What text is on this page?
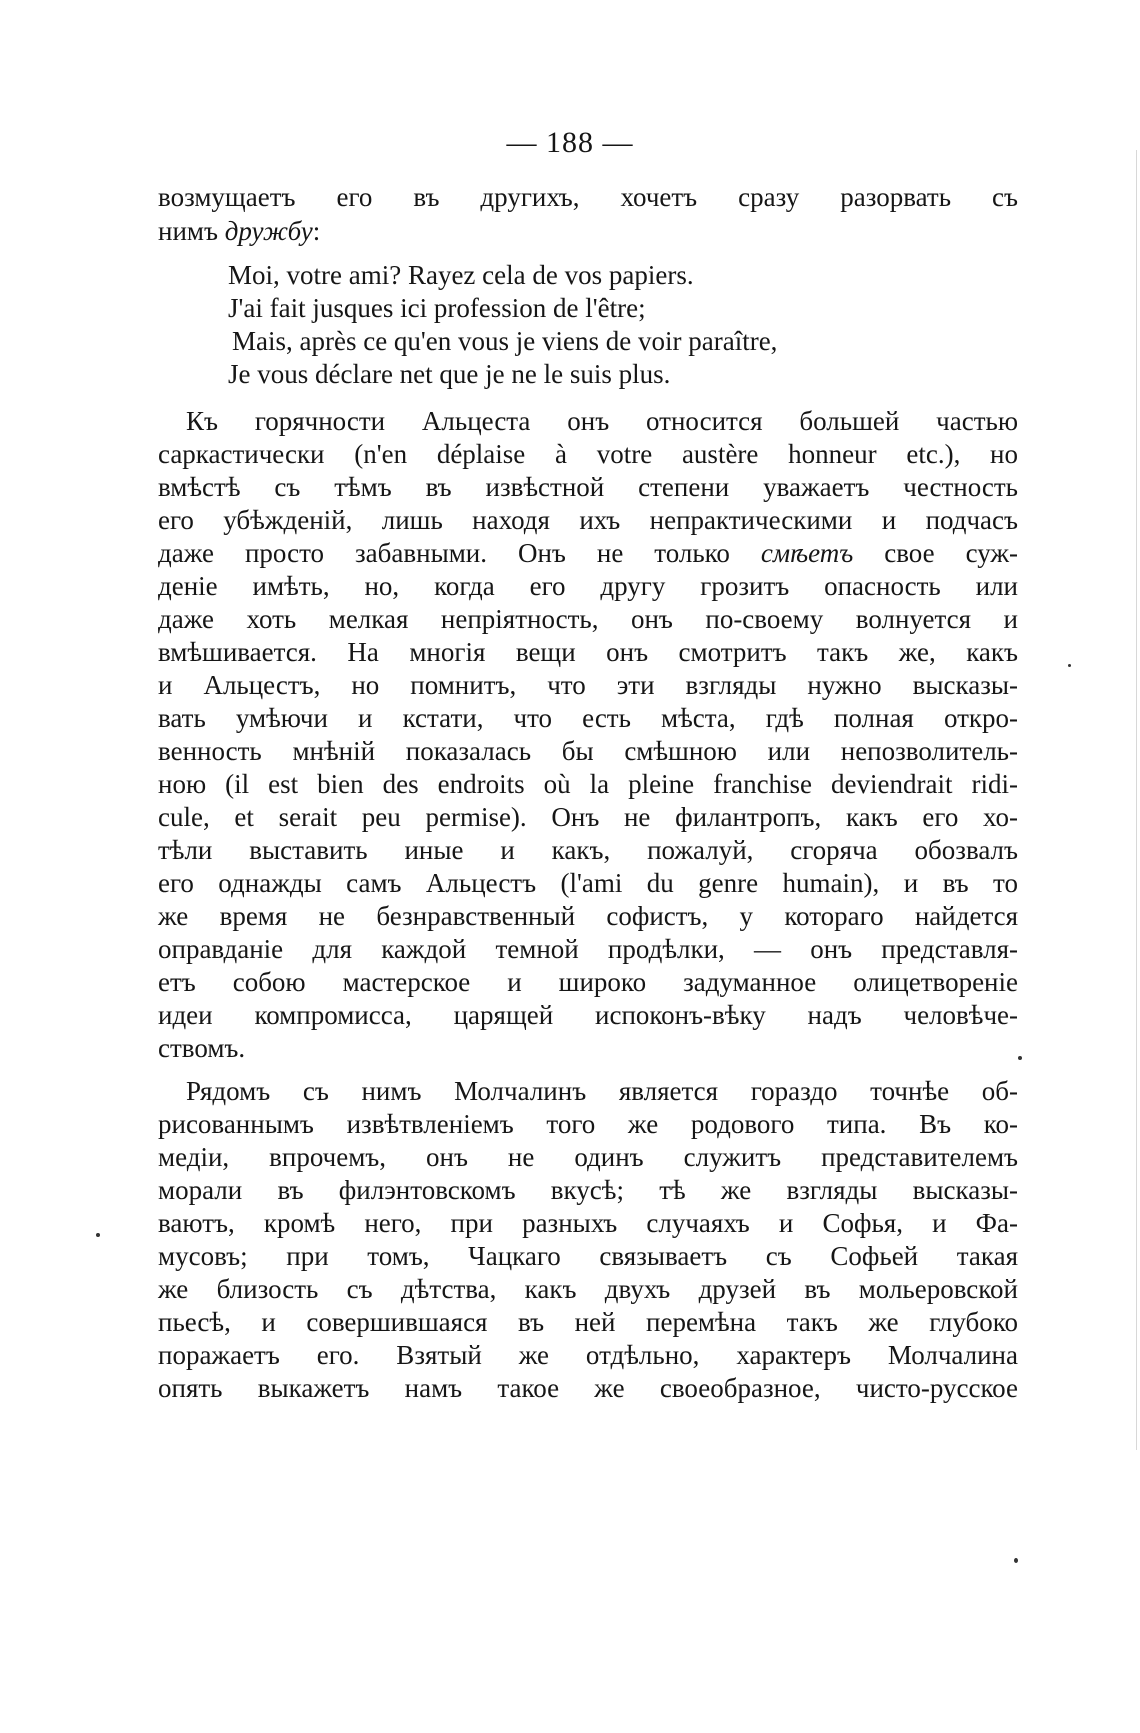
— 188 —

возмущаетъ его въ другихъ, хочетъ сразу разорвать съ

нимъ дружбу:

Moi, votre ami? Rayez cela de vos papiers.

J'ai fait jusques ici profession de l'être;

Mais, après ce qu'en vous je viens de voir paraître,

Je vous déclare net que je ne le suis plus.

Къ горячности Альцеста онъ относится большей частью

саркастически (n'en déplaise à votre austère honneur etc.), но

вмѣстѣ съ тѣмъ въ извѣстной степени уважаетъ честность

его убѣжденій, лишь находя ихъ непрактическими и подчасъ

даже просто забавными. Онъ не только смѣетъ свое суж-

деніе имѣть, но, когда его другу грозитъ опасность или

даже хоть мелкая непріятность, онъ по-своему волнуется и

вмѣшивается. На многія вещи онъ смотритъ такъ же, какъ

и Альцестъ, но помнитъ, что эти взгляды нужно высказы-

вать умѣючи и кстати, что есть мѣста, гдѣ полная откро-

венность мнѣній показалась бы смѣшною или непозволитель-

ною (il est bien des endroits où la pleine franchise deviendrait ridi-

cule, et serait peu permise). Онъ не филантропъ, какъ его хо-

тѣли выставить иные и какъ, пожалуй, сгоряча обозвалъ

его однажды самъ Альцестъ (l'ami du genre humain), и въ то

же время не безнравственный софистъ, у котораго найдется

оправданіе для каждой темной продѣлки, — онъ представля-

етъ собою мастерское и широко задуманное олицетвореніе

идеи компромисса, царящей испоконъ-вѣку надъ человѣче-

ствомъ.

Рядомъ съ нимъ Молчалинъ является гораздо точнѣе об-

рисованнымъ извѣтвленіемъ того же родового типа. Въ ко-

медіи, впрочемъ, онъ не одинъ служитъ представителемъ

морали въ филэнтовскомъ вкусѣ; тѣ же взгляды высказы-

ваютъ, кромѣ него, при разныхъ случаяхъ и Софья, и Фа-

мусовъ; при томъ, Чацкаго связываетъ съ Софьей такая

же близость съ дѣтства, какъ двухъ друзей въ мольеровской

пьесѣ, и совершившаяся въ ней перемѣна такъ же глубоко

поражаетъ его. Взятый же отдѣльно, характеръ Молчалина

опять выкажетъ намъ такое же своеобразное, чисто-русское
